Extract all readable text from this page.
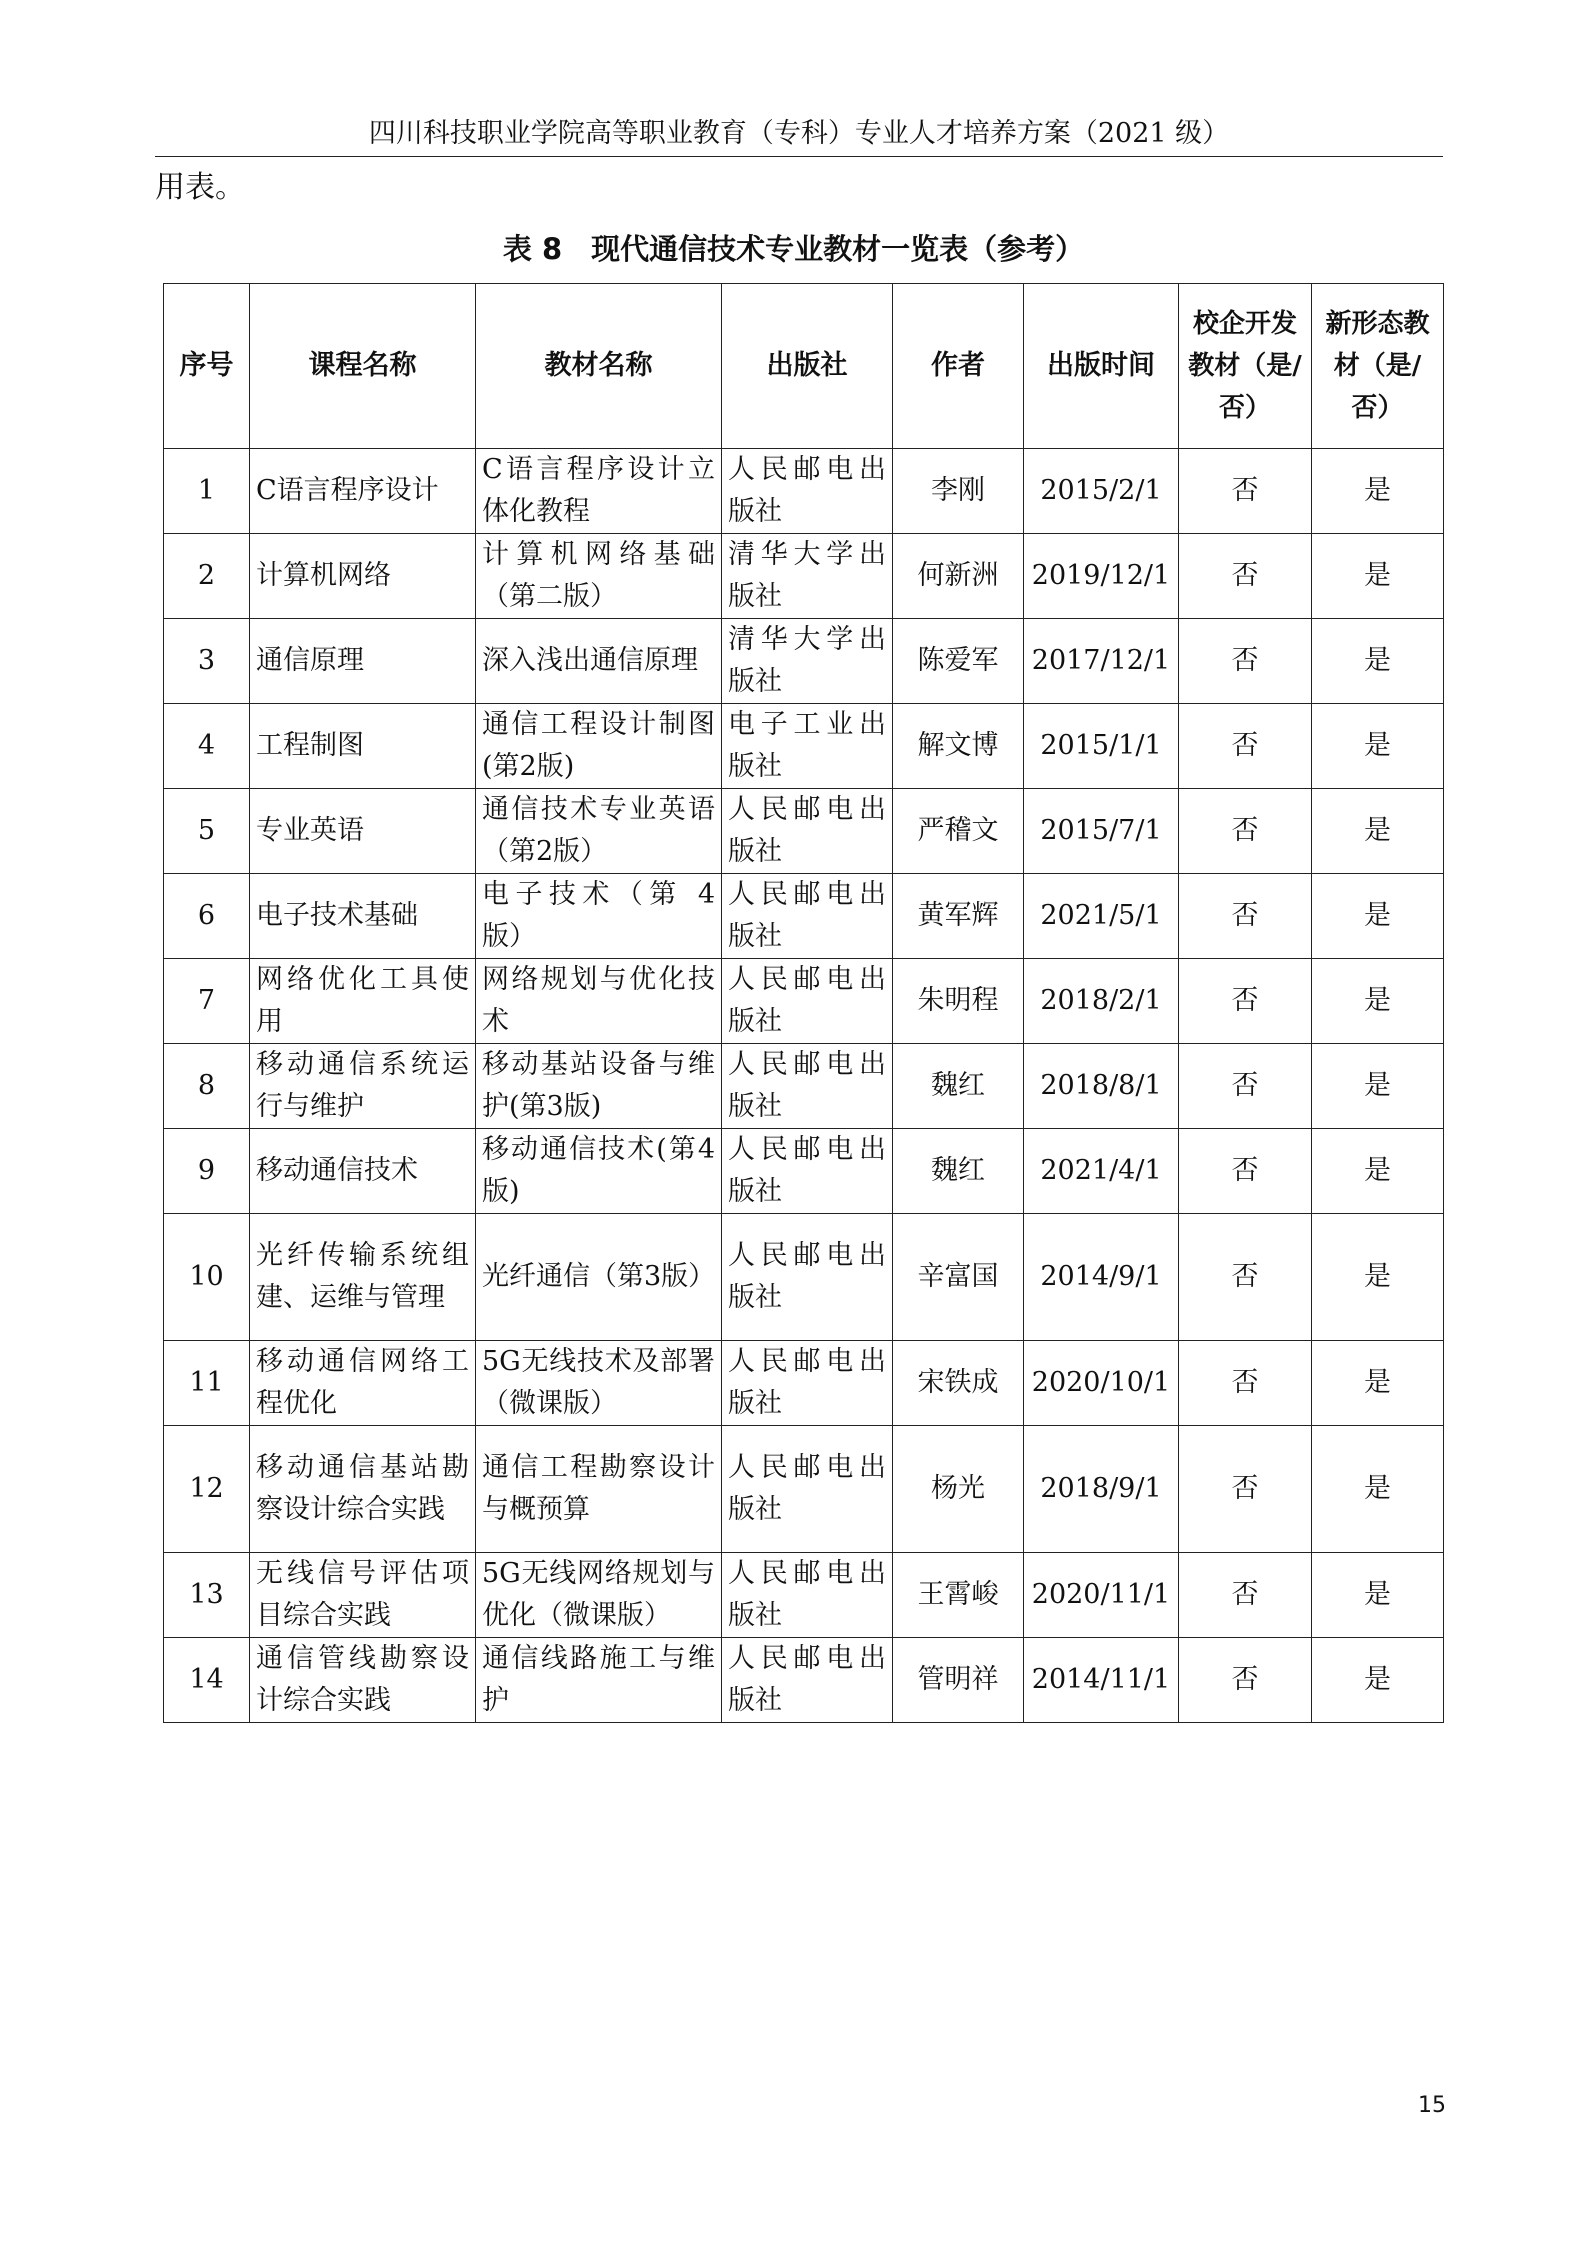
四川科技职业学院高等职业教育（专科）专业人才培养方案（2021 级）
用表。
表 8　现代通信技术专业教材一览表（参考）
序号	课程名称	教材名称	出版社	作者	出版时间	校企开发教材（是/否）	新形态教材（是/否）
1	C语言程序设计	C语言程序设计立体化教程	人民邮电出版社	李刚	2015/2/1	否	是
2	计算机网络	计算机网络基础（第二版）	清华大学出版社	何新洲	2019/12/1	否	是
3	通信原理	深入浅出通信原理	清华大学出版社	陈爱军	2017/12/1	否	是
4	工程制图	通信工程设计制图(第2版)	电子工业出版社	解文博	2015/1/1	否	是
5	专业英语	通信技术专业英语（第2版）	人民邮电出版社	严稽文	2015/7/1	否	是
6	电子技术基础	电子技术（第 4 版）	人民邮电出版社	黄军辉	2021/5/1	否	是
7	网络优化工具使用	网络规划与优化技术	人民邮电出版社	朱明程	2018/2/1	否	是
8	移动通信系统运行与维护	移动基站设备与维护(第3版)	人民邮电出版社	魏红	2018/8/1	否	是
9	移动通信技术	移动通信技术(第4版)	人民邮电出版社	魏红	2021/4/1	否	是
10	光纤传输系统组建、运维与管理	光纤通信（第3版）	人民邮电出版社	辛富国	2014/9/1	否	是
11	移动通信网络工程优化	5G无线技术及部署（微课版）	人民邮电出版社	宋铁成	2020/10/1	否	是
12	移动通信基站勘察设计综合实践	通信工程勘察设计与概预算	人民邮电出版社	杨光	2018/9/1	否	是
13	无线信号评估项目综合实践	5G无线网络规划与优化（微课版）	人民邮电出版社	王霄峻	2020/11/1	否	是
14	通信管线勘察设计综合实践	通信线路施工与维护	人民邮电出版社	管明祥	2014/11/1	否	是
15
